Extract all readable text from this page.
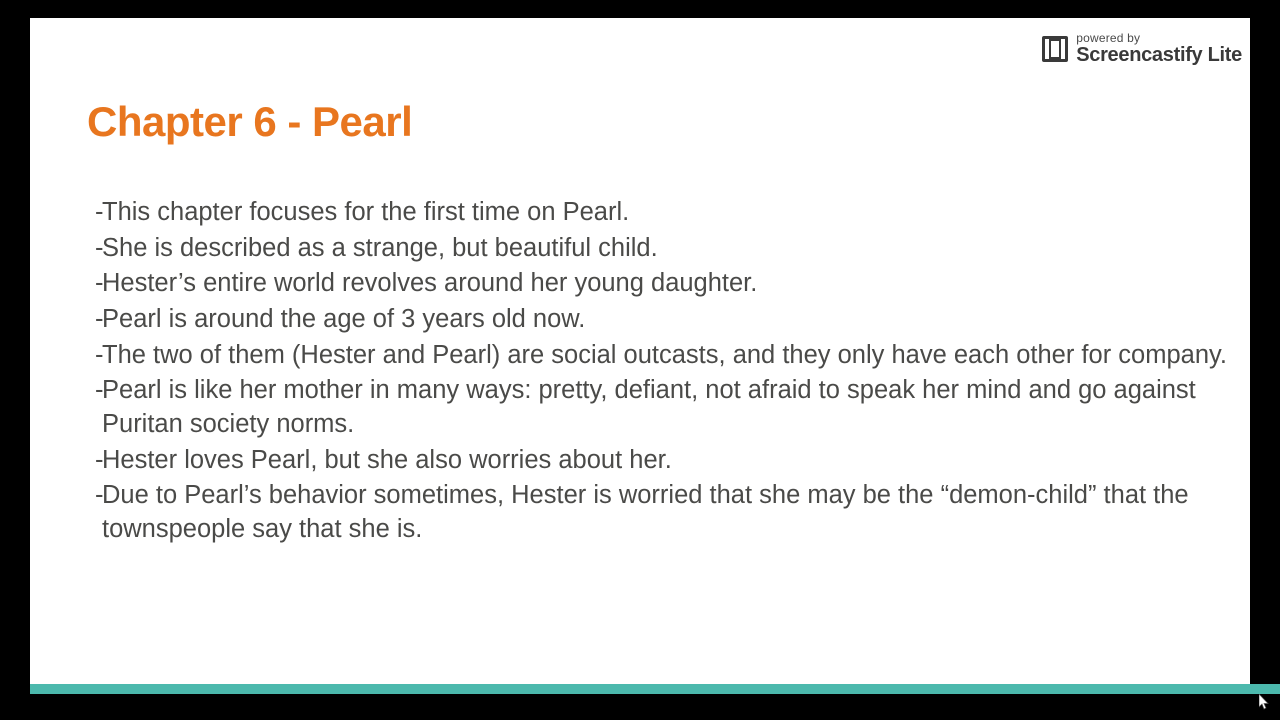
powered by
Screencastify Lite
Chapter 6 - Pearl
-
This chapter focuses for the first time on Pearl.
-
She is described as a strange, but beautiful child.
-
Hester’s entire world revolves around her young daughter.
-
Pearl is around the age of 3 years old now.
-
The two of them (Hester and Pearl) are social outcasts, and they only have each other for company.
-
Pearl is like her mother in many ways: pretty, defiant, not afraid to speak her mind and go against Puritan society norms.
-
Hester loves Pearl, but she also worries about her.
-
Due to Pearl’s behavior sometimes, Hester is worried that she may be the “demon-child” that the townspeople say that she is.
